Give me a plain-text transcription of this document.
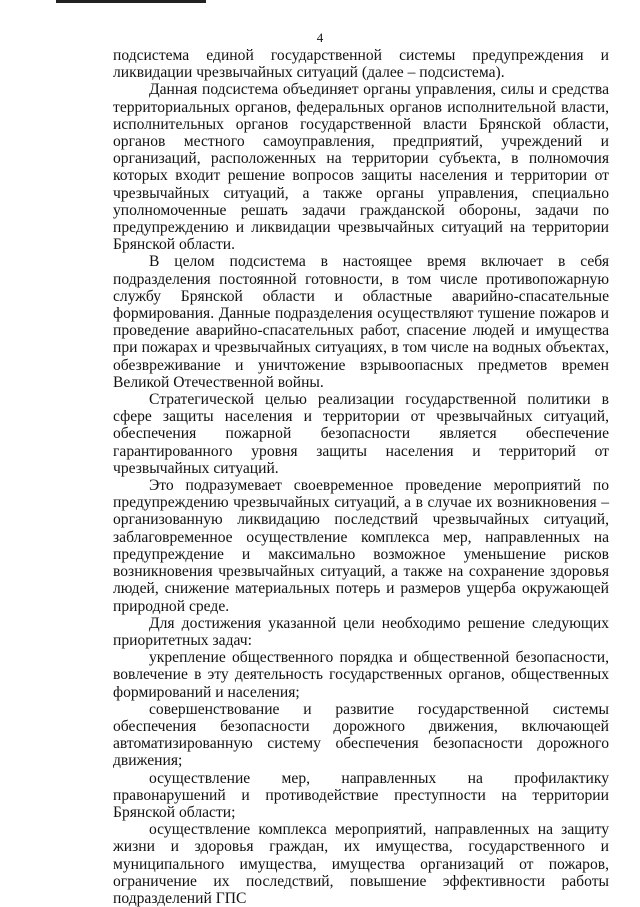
4

подсистема единой государственной системы предупреждения и ликвидации чрезвычайных ситуаций (далее – подсистема).

Данная подсистема объединяет органы управления, силы и средства территориальных органов, федеральных органов исполнительной власти, исполнительных органов государственной власти Брянской области, органов местного самоуправления, предприятий, учреждений и организаций, расположенных на территории субъекта, в полномочия которых входит решение вопросов защиты населения и территории от чрезвычайных ситуаций, а также органы управления, специально уполномоченные решать задачи гражданской обороны, задачи по предупреждению и ликвидации чрезвычайных ситуаций на территории Брянской области.

В целом подсистема в настоящее время включает в себя подразделения постоянной готовности, в том числе противопожарную службу Брянской области и областные аварийно-спасательные формирования. Данные подразделения осуществляют тушение пожаров и проведение аварийно-спасательных работ, спасение людей и имущества при пожарах и чрезвычайных ситуациях, в том числе на водных объектах, обезвреживание и уничтожение взрывоопасных предметов времен Великой Отечественной войны.

Стратегической целью реализации государственной политики в сфере защиты населения и территории от чрезвычайных ситуаций, обеспечения пожарной безопасности является обеспечение гарантированного уровня защиты населения и территорий от чрезвычайных ситуаций.

Это подразумевает своевременное проведение мероприятий по предупреждению чрезвычайных ситуаций, а в случае их возникновения – организованную ликвидацию последствий чрезвычайных ситуаций, заблаговременное осуществление комплекса мер, направленных на предупреждение и максимально возможное уменьшение рисков возникновения чрезвычайных ситуаций, а также на сохранение здоровья людей, снижение материальных потерь и размеров ущерба окружающей природной среде.

Для достижения указанной цели необходимо решение следующих приоритетных задач:

укрепление общественного порядка и общественной безопасности, вовлечение в эту деятельность государственных органов, общественных формирований и населения;

совершенствование и развитие государственной системы обеспечения безопасности дорожного движения, включающей автоматизированную систему обеспечения безопасности дорожного движения;

осуществление мер, направленных на профилактику правонарушений и противодействие преступности на территории Брянской области;

осуществление комплекса мероприятий, направленных на защиту жизни и здоровья граждан, их имущества, государственного и муниципального имущества, имущества организаций от пожаров, ограничение их последствий, повышение эффективности работы подразделений ГПС
